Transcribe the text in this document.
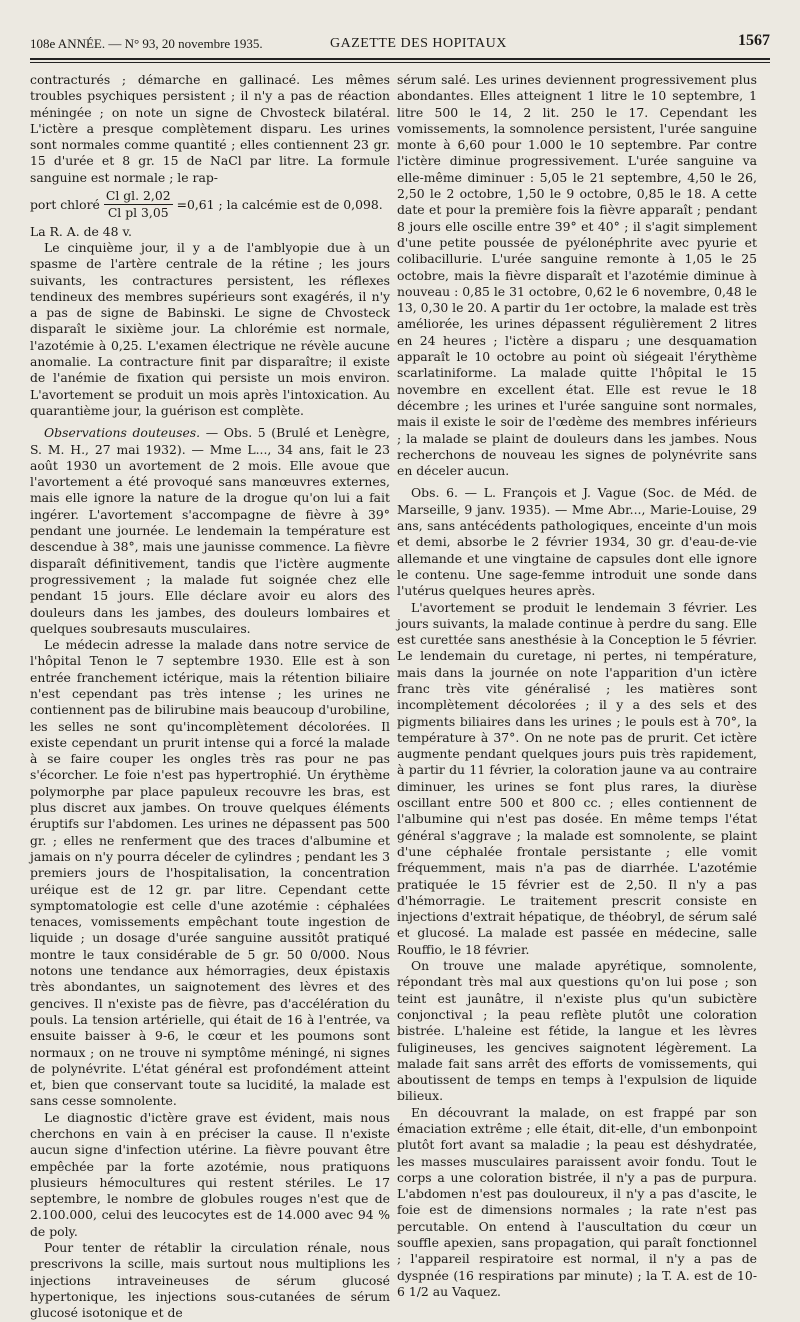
108e ANNÉE. — N° 93, 20 novembre 1935.	GAZETTE DES HOPITAUX	1567

contracturés ; démarche en gallinacé. Les mêmes troubles psychiques persistent ; il n'y a pas de réaction méningée ; on note un signe de Chvosteck bilatéral. L'ictère a presque complètement disparu. Les urines sont normales comme quantité ; elles contiennent 23 gr. 15 d'urée et 8 gr. 15 de NaCl par litre. La formule sanguine est normale ; le rap-

port chloré $\frac{\text{Cl gl. 2,02}}{\text{Cl pl 3,05}} =0,61$ ; la calcémie est de 0,098.

La R. A. de 48 v.

Le cinquième jour, il y a de l'amblyopie due à un spasme de l'artère centrale de la rétine ; les jours suivants, les contractures persistent, les réflexes tendineux des membres supérieurs sont exagérés, il n'y a pas de signe de Babinski. Le signe de Chvosteck disparaît le sixième jour. La chlorémie est normale, l'azotémie à 0,25. L'examen électrique ne révèle aucune anomalie. La contracture finit par disparaître; il existe de l'anémie de fixation qui persiste un mois environ. L'avortement se produit un mois après l'intoxication. Au quarantième jour, la guérison est complète.

Observations douteuses. — Obs. 5 (Brulé et Lenègre, S. M. H., 27 mai 1932). — Mme L..., 34 ans, fait le 23 août 1930 un avortement de 2 mois. Elle avoue que l'avortement a été provoqué sans manœuvres externes, mais elle ignore la nature de la drogue qu'on lui a fait ingérer. L'avortement s'accompagne de fièvre à 39° pendant une journée. Le lendemain la température est descendue à 38°, mais une jaunisse commence. La fièvre disparaît définitivement, tandis que l'ictère augmente progressivement ; la malade fut soignée chez elle pendant 15 jours. Elle déclare avoir eu alors des douleurs dans les jambes, des douleurs lombaires et quelques soubresauts musculaires.

Le médecin adresse la malade dans notre service de l'hôpital Tenon le 7 septembre 1930. Elle est à son entrée franchement ictérique, mais la rétention biliaire n'est cependant pas très intense ; les urines ne contiennent pas de bilirubine mais beaucoup d'urobiline, les selles ne sont qu'incomplètement décolorées. Il existe cependant un prurit intense qui a forcé la malade à se faire couper les ongles très ras pour ne pas s'écorcher. Le foie n'est pas hypertrophié. Un érythème polymorphe par place papuleux recouvre les bras, est plus discret aux jambes. On trouve quelques éléments éruptifs sur l'abdomen. Les urines ne dépassent pas 500 gr. ; elles ne renferment que des traces d'albumine et jamais on n'y pourra déceler de cylindres ; pendant les 3 premiers jours de l'hospitalisation, la concentration uréique est de 12 gr. par litre. Cependant cette symptomatologie est celle d'une azotémie : céphalées tenaces, vomissements empêchant toute ingestion de liquide ; un dosage d'urée sanguine aussitôt pratiqué montre le taux considérable de 5 gr. 50 0/000. Nous notons une tendance aux hémorragies, deux épistaxis très abondantes, un saignotement des lèvres et des gencives. Il n'existe pas de fièvre, pas d'accélération du pouls. La tension artérielle, qui était de 16 à l'entrée, va ensuite baisser à 9-6, le cœur et les poumons sont normaux ; on ne trouve ni symptôme méningé, ni signes de polynévrite. L'état général est profondément atteint et, bien que conservant toute sa lucidité, la malade est sans cesse somnolente.

Le diagnostic d'ictère grave est évident, mais nous cherchons en vain à en préciser la cause. Il n'existe aucun signe d'infection utérine. La fièvre pouvant être empêchée par la forte azotémie, nous pratiquons plusieurs hémocultures qui restent stériles. Le 17 septembre, le nombre de globules rouges n'est que de 2.100.000, celui des leucocytes est de 14.000 avec 94 % de poly.

Pour tenter de rétablir la circulation rénale, nous prescrivons la scille, mais surtout nous multiplions les injections intraveineuses de sérum glucosé hypertonique, les injections sous-cutanées de sérum glucosé isotonique et de

sérum salé. Les urines deviennent progressivement plus abondantes. Elles atteignent 1 litre le 10 septembre, 1 litre 500 le 14, 2 lit. 250 le 17. Cependant les vomissements, la somnolence persistent, l'urée sanguine monte à 6,60 pour 1.000 le 10 septembre. Par contre l'ictère diminue progressivement. L'urée sanguine va elle-même diminuer : 5,05 le 21 septembre, 4,50 le 26, 2,50 le 2 octobre, 1,50 le 9 octobre, 0,85 le 18. A cette date et pour la première fois la fièvre apparaît ; pendant 8 jours elle oscille entre 39° et 40° ; il s'agit simplement d'une petite poussée de pyélonéphrite avec pyurie et colibacillurie. L'urée sanguine remonte à 1,05 le 25 octobre, mais la fièvre disparaît et l'azotémie diminue à nouveau : 0,85 le 31 octobre, 0,62 le 6 novembre, 0,48 le 13, 0,30 le 20. A partir du 1er octobre, la malade est très améliorée, les urines dépassent régulièrement 2 litres en 24 heures ; l'ictère a disparu ; une desquamation apparaît le 10 octobre au point où siégeait l'érythème scarlatiniforme. La malade quitte l'hôpital le 15 novembre en excellent état. Elle est revue le 18 décembre ; les urines et l'urée sanguine sont normales, mais il existe le soir de l'œdème des membres inférieurs ; la malade se plaint de douleurs dans les jambes. Nous recherchons de nouveau les signes de polynévrite sans en déceler aucun.

Obs. 6. — L. François et J. Vague (Soc. de Méd. de Marseille, 9 janv. 1935). — Mme Abr..., Marie-Louise, 29 ans, sans antécédents pathologiques, enceinte d'un mois et demi, absorbe le 2 février 1934, 30 gr. d'eau-de-vie allemande et une vingtaine de capsules dont elle ignore le contenu. Une sage-femme introduit une sonde dans l'utérus quelques heures après.

L'avortement se produit le lendemain 3 février. Les jours suivants, la malade continue à perdre du sang. Elle est curettée sans anesthésie à la Conception le 5 février. Le lendemain du curetage, ni pertes, ni température, mais dans la journée on note l'apparition d'un ictère franc très vite généralisé ; les matières sont incomplètement décolorées ; il y a des sels et des pigments biliaires dans les urines ; le pouls est à 70°, la température à 37°. On ne note pas de prurit. Cet ictère augmente pendant quelques jours puis très rapidement, à partir du 11 février, la coloration jaune va au contraire diminuer, les urines se font plus rares, la diurèse oscillant entre 500 et 800 cc. ; elles contiennent de l'albumine qui n'est pas dosée. En même temps l'état général s'aggrave ; la malade est somnolente, se plaint d'une céphalée frontale persistante ; elle vomit fréquemment, mais n'a pas de diarrhée. L'azotémie pratiquée le 15 février est de 2,50. Il n'y a pas d'hémorragie. Le traitement prescrit consiste en injections d'extrait hépatique, de théobryl, de sérum salé et glucosé. La malade est passée en médecine, salle Rouffio, le 18 février.

On trouve une malade apyrétique, somnolente, répondant très mal aux questions qu'on lui pose ; son teint est jaunâtre, il n'existe plus qu'un subictère conjonctival ; la peau reflète plutôt une coloration bistrée. L'haleine est fétide, la langue et les lèvres fuligineuses, les gencives saignotent légèrement. La malade fait sans arrêt des efforts de vomissements, qui aboutissent de temps en temps à l'expulsion de liquide bilieux.

En découvrant la malade, on est frappé par son émaciation extrême ; elle était, dit-elle, d'un embonpoint plutôt fort avant sa maladie ; la peau est déshydratée, les masses musculaires paraissent avoir fondu. Tout le corps a une coloration bistrée, il n'y a pas de purpura. L'abdomen n'est pas douloureux, il n'y a pas d'ascite, le foie est de dimensions normales ; la rate n'est pas percutable. On entend à l'auscultation du cœur un souffle apexien, sans propagation, qui paraît fonctionnel ; l'appareil respiratoire est normal, il n'y a pas de dyspnée (16 respirations par minute) ; la T. A. est de 10-6 1/2 au Vaquez.
